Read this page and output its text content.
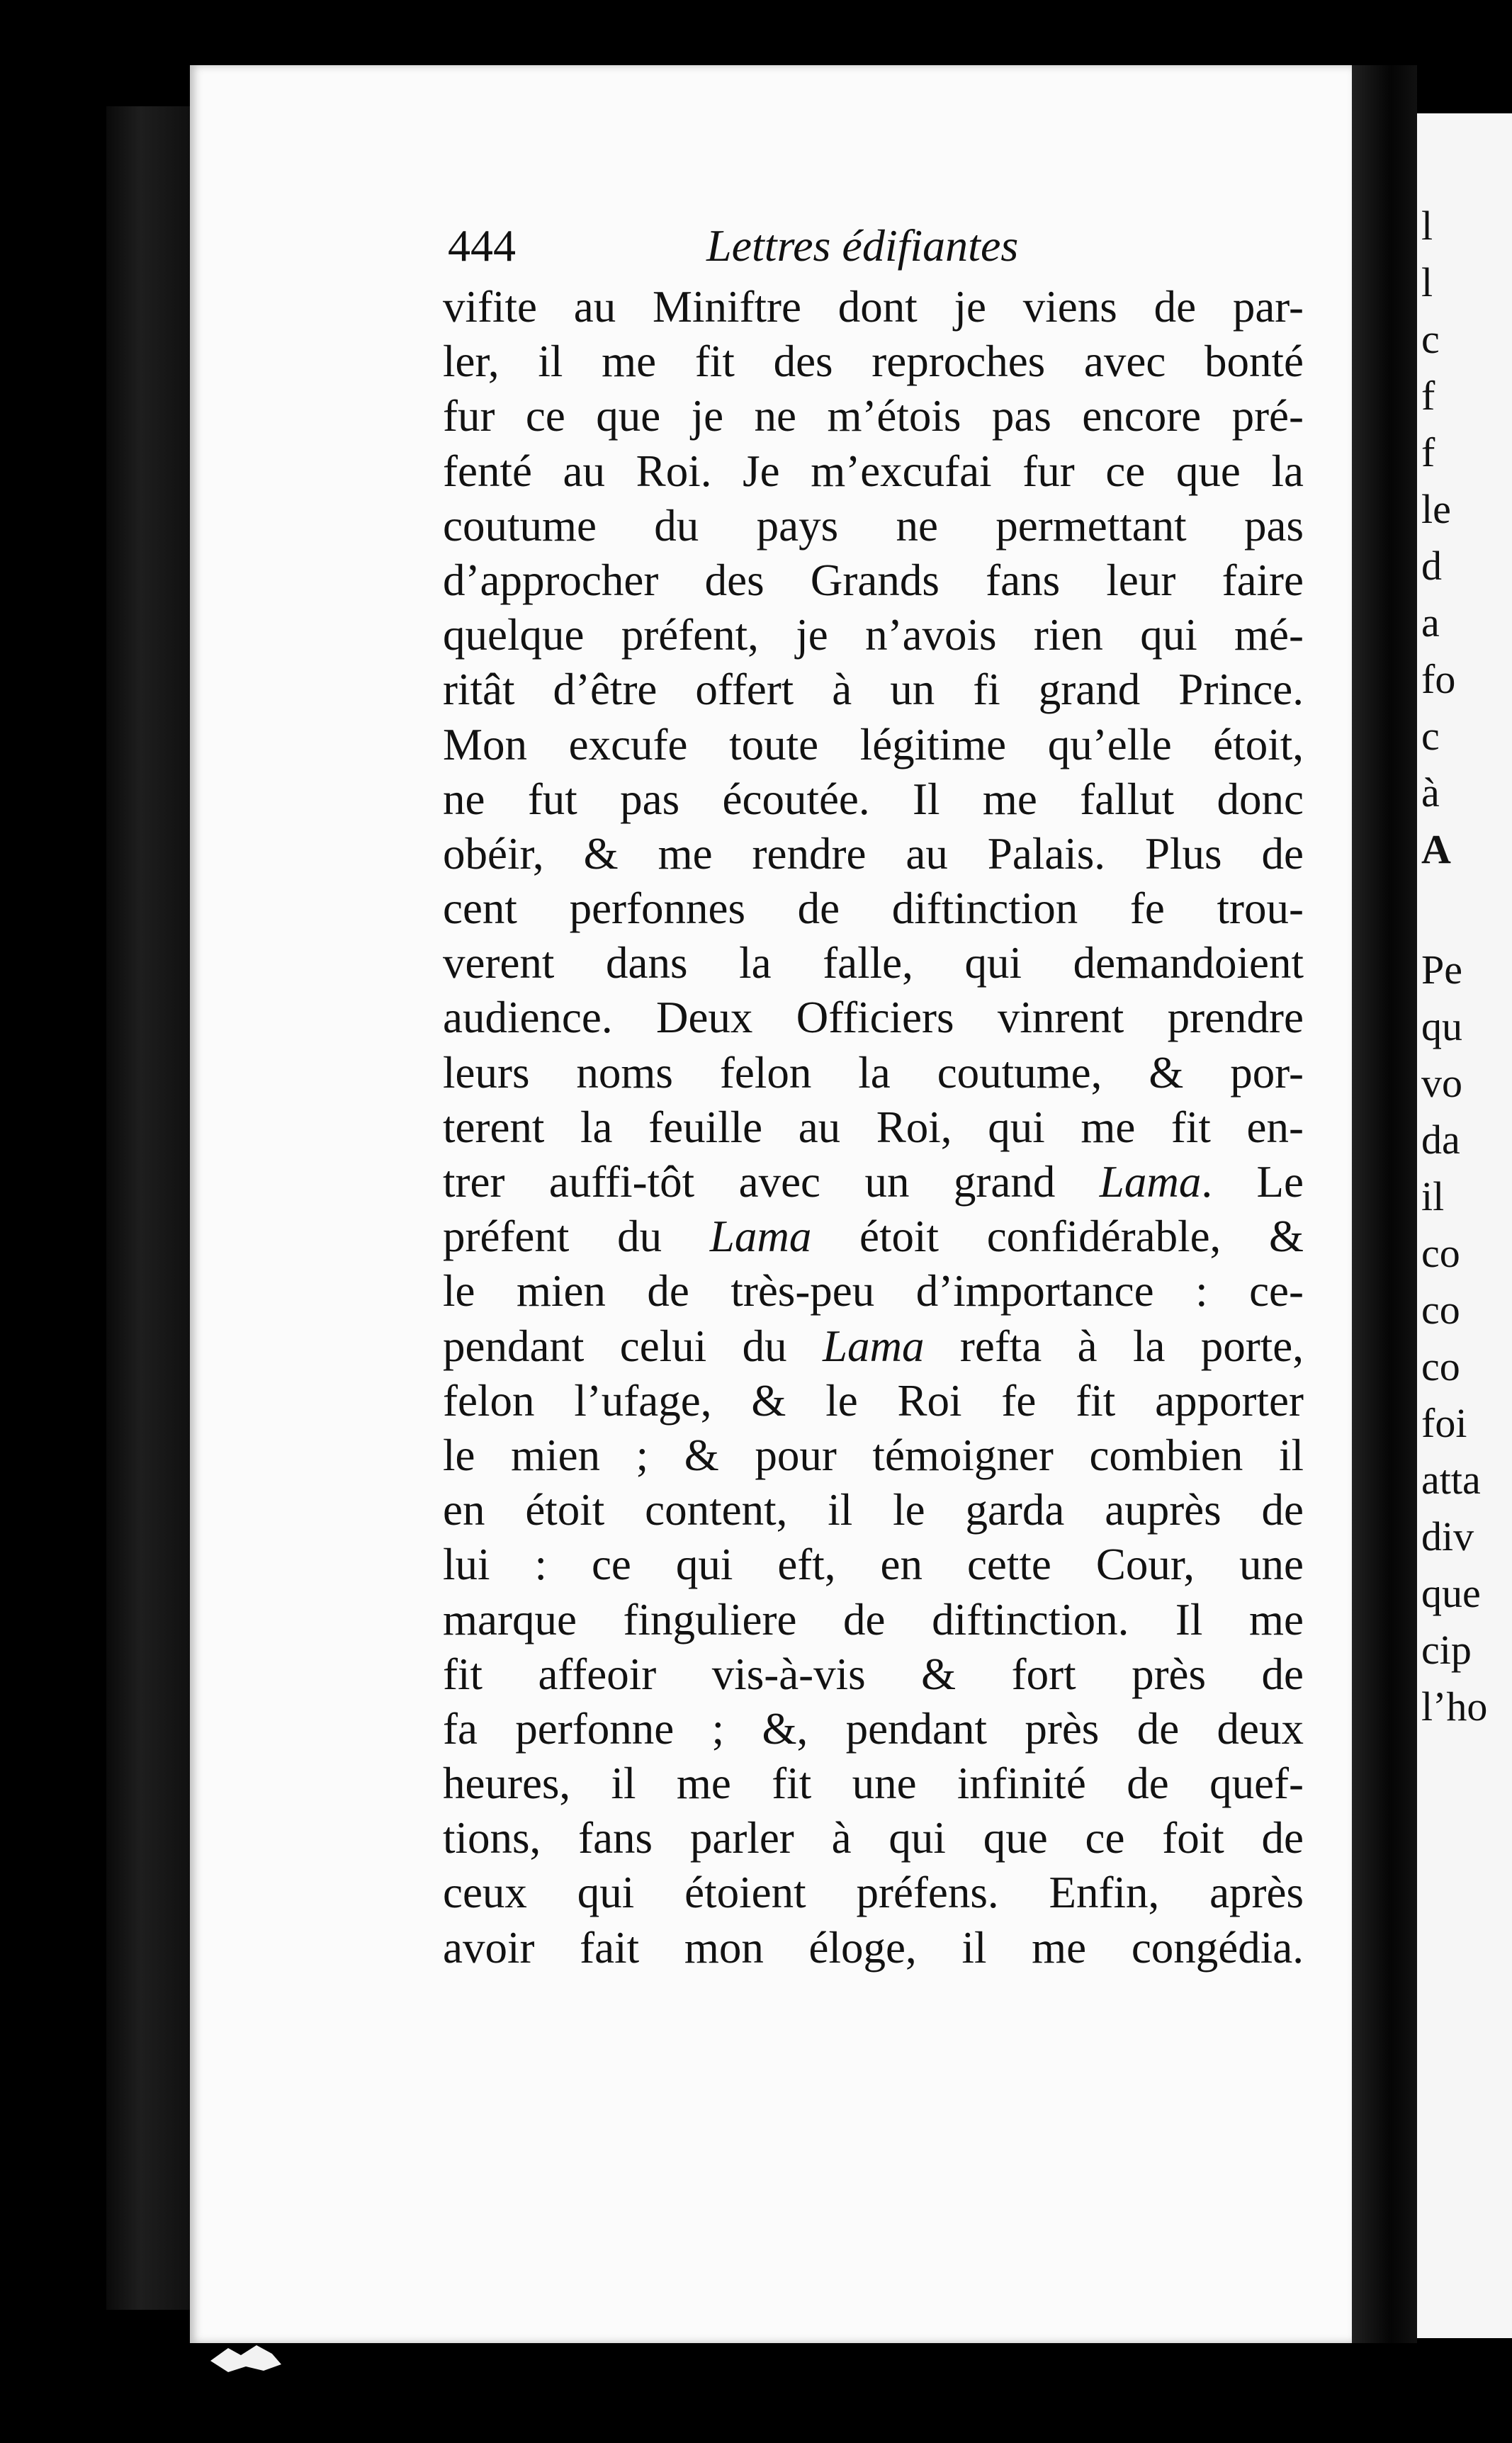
444	Lettres édifiantes
vifite au Miniftre dont je viens de par-
ler, il me fit des reproches avec bonté
fur ce que je ne m’étois pas encore pré-
fenté au Roi. Je m’excufai fur ce que la
coutume du pays ne permettant pas
d’approcher des Grands fans leur faire
quelque préfent, je n’avois rien qui mé-
ritât d’être offert à un fi grand Prince.
Mon excufe toute légitime qu’elle étoit,
ne fut pas écoutée. Il me fallut donc
obéir, & me rendre au Palais. Plus de
cent perfonnes de diftinction fe trou-
verent dans la falle, qui demandoient
audience. Deux Officiers vinrent prendre
leurs noms felon la coutume, & por-
terent la feuille au Roi, qui me fit en-
trer auffi-tôt avec un grand Lama. Le
préfent du Lama étoit confidérable, &
le mien de très-peu d’importance : ce-
pendant celui du Lama refta à la porte,
felon l’ufage, & le Roi fe fit apporter
le mien ; & pour témoigner combien il
en étoit content, il le garda auprès de
lui : ce qui eft, en cette Cour, une
marque finguliere de diftinction. Il me
fit affeoir vis-à-vis & fort près de
fa perfonne ; &, pendant près de deux
heures, il me fit une infinité de quef-
tions, fans parler à qui que ce foit de
ceux qui étoient préfens. Enfin, après
avoir fait mon éloge, il me congédia.
l
l
c
f
f
le
d
a
fo
c
à
A
Pe
qu
vo
da
il
co
co
co
foi
atta
div
que
cip
l’ho
